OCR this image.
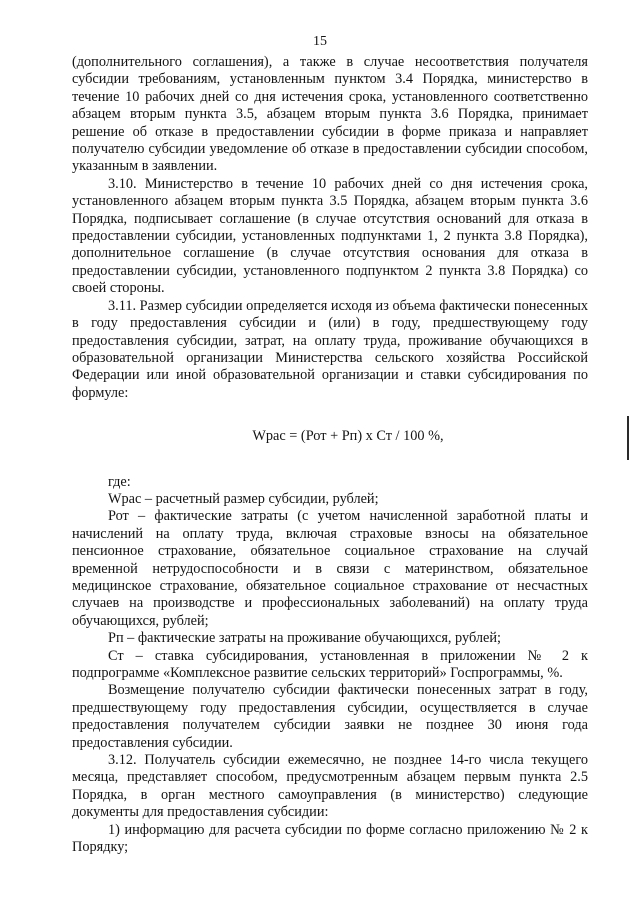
15

(дополнительного соглашения), а также в случае несоответствия получателя субсидии требованиям, установленным пунктом 3.4 Порядка, министерство в течение 10 рабочих дней со дня истечения срока, установленного соответственно абзацем вторым пункта 3.5, абзацем вторым пункта 3.6 Порядка, принимает решение об отказе в предоставлении субсидии в форме приказа и направляет получателю субсидии уведомление об отказе в предоставлении субсидии способом, указанным в заявлении.

3.10. Министерство в течение 10 рабочих дней со дня истечения срока, установленного абзацем вторым пункта 3.5 Порядка, абзацем вторым пункта 3.6 Порядка, подписывает соглашение (в случае отсутствия оснований для отказа в предоставлении субсидии, установленных подпунктами 1, 2 пункта 3.8 Порядка), дополнительное соглашение (в случае отсутствия основания для отказа в предоставлении субсидии, установленного подпунктом 2 пункта 3.8 Порядка) со своей стороны.

3.11. Размер субсидии определяется исходя из объема фактически понесенных в году предоставления субсидии и (или) в году, предшествующему году предоставления субсидии, затрат, на оплату труда, проживание обучающихся в образовательной организации Министерства сельского хозяйства Российской Федерации или иной образовательной организации и ставки субсидирования по формуле:

Wрас = (Рот + Рп) х Ст / 100 %,

где:

Wрас – расчетный размер субсидии, рублей;

Рот – фактические затраты (с учетом начисленной заработной платы и начислений на оплату труда, включая страховые взносы на обязательное пенсионное страхование, обязательное социальное страхование на случай временной нетрудоспособности и в связи с материнством, обязательное медицинское страхование, обязательное социальное страхование от несчастных случаев на производстве и профессиональных заболеваний) на оплату труда обучающихся, рублей;

Рп – фактические затраты на проживание обучающихся, рублей;

Ст – ставка субсидирования, установленная в приложении № 2 к подпрограмме «Комплексное развитие сельских территорий» Госпрограммы, %.

Возмещение получателю субсидии фактически понесенных затрат в году, предшествующему году предоставления субсидии, осуществляется в случае предоставления получателем субсидии заявки не позднее 30 июня года предоставления субсидии.

3.12. Получатель субсидии ежемесячно, не позднее 14-го числа текущего месяца, представляет способом, предусмотренным абзацем первым пункта 2.5 Порядка, в орган местного самоуправления (в министерство) следующие документы для предоставления субсидии:

1) информацию для расчета субсидии по форме согласно приложению № 2 к Порядку;
